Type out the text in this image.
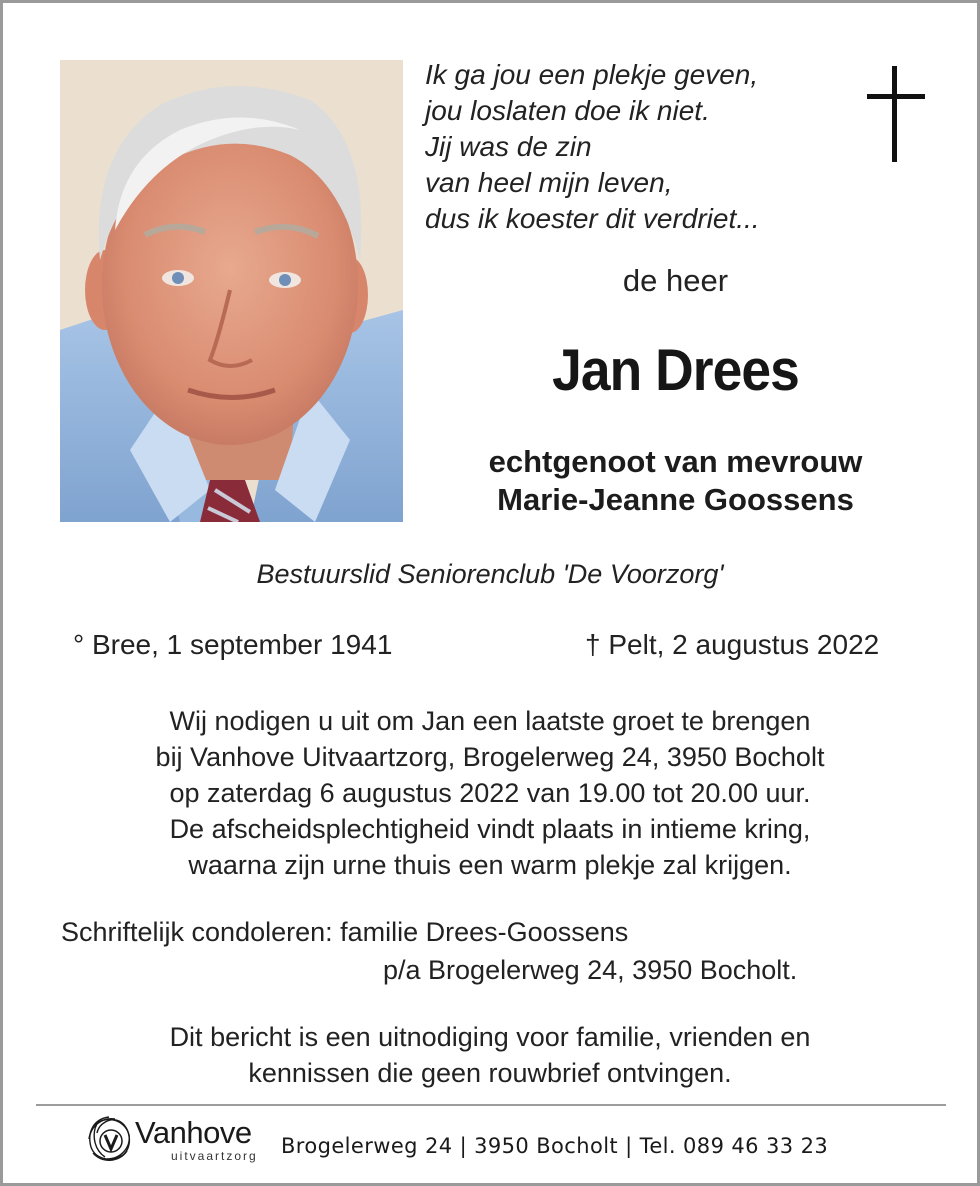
Ik ga jou een plekje geven,
jou loslaten doe ik niet.
Jij was de zin
van heel mijn leven,
dus ik koester dit verdriet...
de heer
Jan Drees
echtgenoot van mevrouw
Marie-Jeanne Goossens
Bestuurslid Seniorenclub 'De Voorzorg'
° Bree, 1 september 1941	† Pelt, 2 augustus 2022
Wij nodigen u uit om Jan een laatste groet te brengen
bij Vanhove Uitvaartzorg, Brogelerweg 24, 3950 Bocholt
op zaterdag 6 augustus 2022 van 19.00 tot 20.00 uur.
De afscheidsplechtigheid vindt plaats in intieme kring,
waarna zijn urne thuis een warm plekje zal krijgen.
Schriftelijk condoleren: familie Drees-Goossens
p/a Brogelerweg 24, 3950 Bocholt.
Dit bericht is een uitnodiging voor familie, vrienden en
kennissen die geen rouwbrief ontvingen.
Vanhove
uitvaartzorg Brogelerweg 24 | 3950 Bocholt | Tel. 089 46 33 23
